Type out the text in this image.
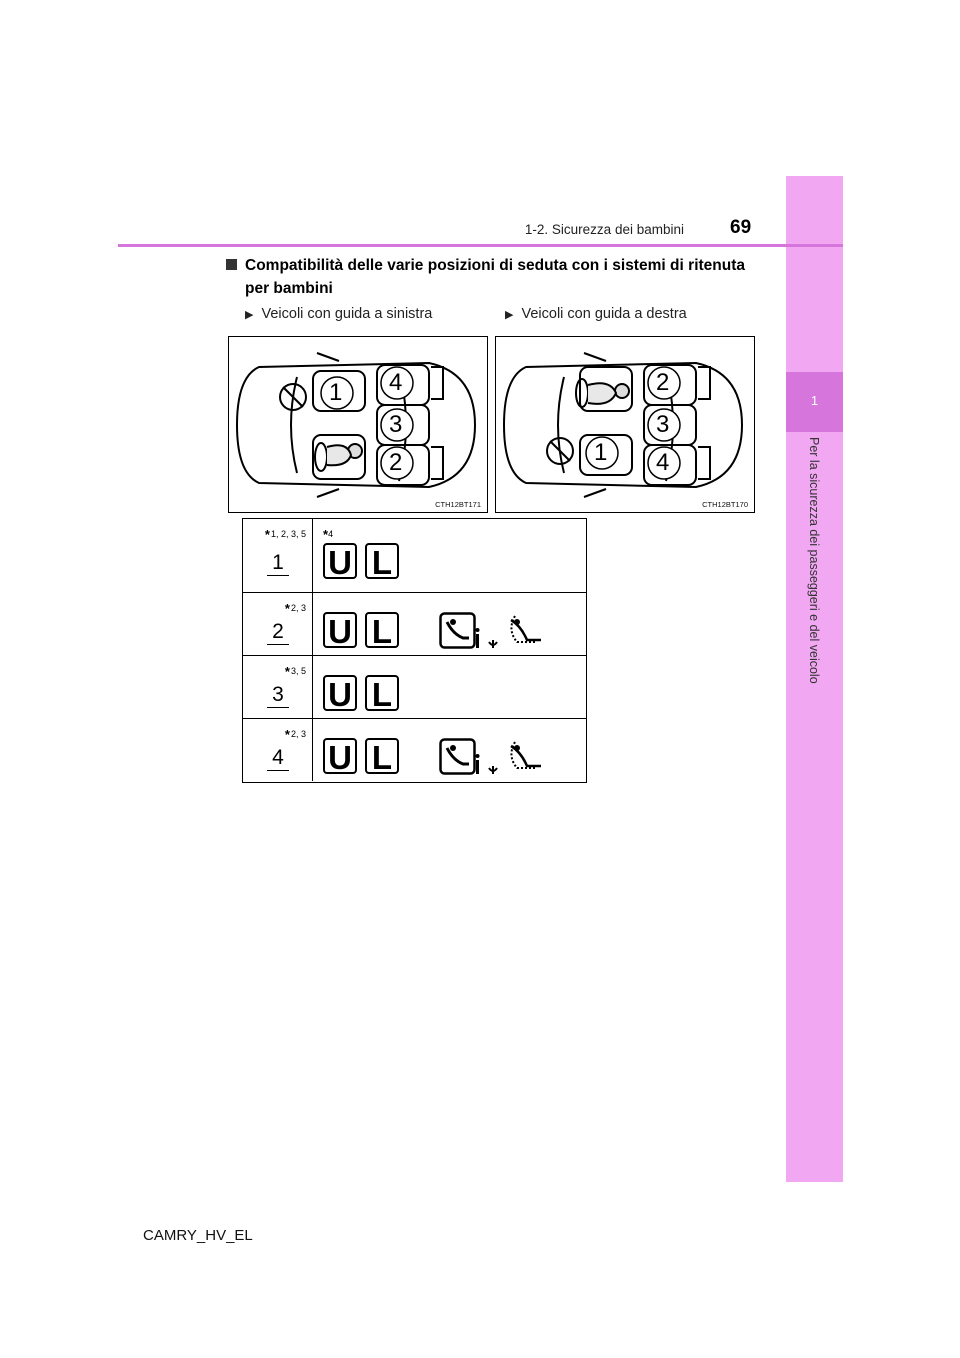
1
Per la sicurezza dei passeggeri e del veicolo
1-2. Sicurezza dei bambini 69
Compatibilità delle varie posizioni di seduta con i sistemi di ritenuta
per bambini
▶ Veicoli con guida a sinistra	▶ Veicoli con guida a destra
1 4
3
2
CTH12BT171
2
3
1 4
CTH12BT170
*1, 2, 3, 5
1
*4
U L
*2, 3
2 U L
*3, 5
3 U L
*2, 3
4 U L
CAMRY_HV_EL
